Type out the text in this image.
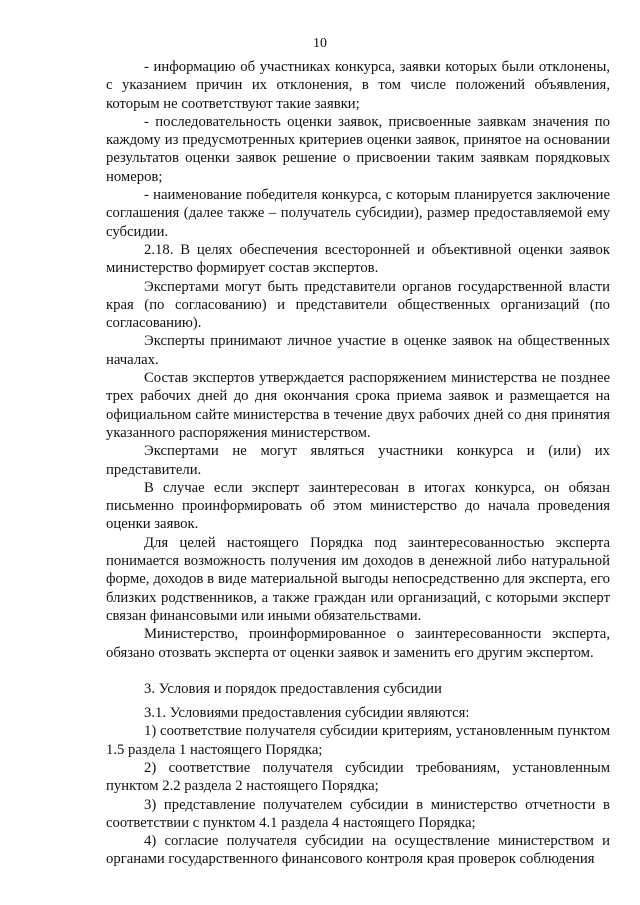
10

- информацию об участниках конкурса, заявки которых были отклонены, с указанием причин их отклонения, в том числе положений объявления, которым не соответствуют такие заявки;

- последовательность оценки заявок, присвоенные заявкам значения по каждому из предусмотренных критериев оценки заявок, принятое на основании результатов оценки заявок решение о присвоении таким заявкам порядковых номеров;

- наименование победителя конкурса, с которым планируется заключение соглашения (далее также – получатель субсидии), размер предоставляемой ему субсидии.

2.18. В целях обеспечения всесторонней и объективной оценки заявок министерство формирует состав экспертов.

Экспертами могут быть представители органов государственной власти края (по согласованию) и представители общественных организаций (по согласованию).

Эксперты принимают личное участие в оценке заявок на общественных началах.

Состав экспертов утверждается распоряжением министерства не позднее трех рабочих дней до дня окончания срока приема заявок и размещается на официальном сайте министерства в течение двух рабочих дней со дня принятия указанного распоряжения министерством.

Экспертами не могут являться участники конкурса и (или) их представители.

В случае если эксперт заинтересован в итогах конкурса, он обязан письменно проинформировать об этом министерство до начала проведения оценки заявок.

Для целей настоящего Порядка под заинтересованностью эксперта понимается возможность получения им доходов в денежной либо натуральной форме, доходов в виде материальной выгоды непосредственно для эксперта, его близких родственников, а также граждан или организаций, с которыми эксперт связан финансовыми или иными обязательствами.

Министерство, проинформированное о заинтересованности эксперта, обязано отозвать эксперта от оценки заявок и заменить его другим экспертом.

3. Условия и порядок предоставления субсидии

3.1. Условиями предоставления субсидии являются:

1) соответствие получателя субсидии критериям, установленным пунктом 1.5 раздела 1 настоящего Порядка;

2) соответствие получателя субсидии требованиям, установленным пунктом 2.2 раздела 2 настоящего Порядка;

3) представление получателем субсидии в министерство отчетности в соответствии с пунктом 4.1 раздела 4 настоящего Порядка;

4) согласие получателя субсидии на осуществление министерством и органами государственного финансового контроля края проверок соблюдения
